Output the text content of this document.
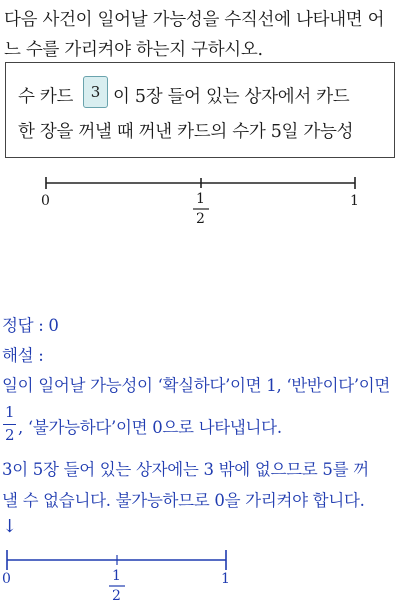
다음 사건이 일어날 가능성을 수직선에 나타내면 어
느 수를 가리켜야 하는지 구하시오.
수 카드	3 이 5장 들어 있는 상자에서 카드
한 장을 꺼낼 때 꺼낸 카드의 수가 5일 가능성
0	1
2
1
정답 : 0
해설 :
일이 일어날 가능성이 ‘확실하다’이면 1, ‘반반이다’이면
1
2 , ‘불가능하다’이면 0으로 나타냅니다.
3이 5장 들어 있는 상자에는 3 밖에 없으므로 5를 꺼
낼 수 없습니다. 불가능하므로 0을 가리켜야 합니다.
↓
0	1
2
1
